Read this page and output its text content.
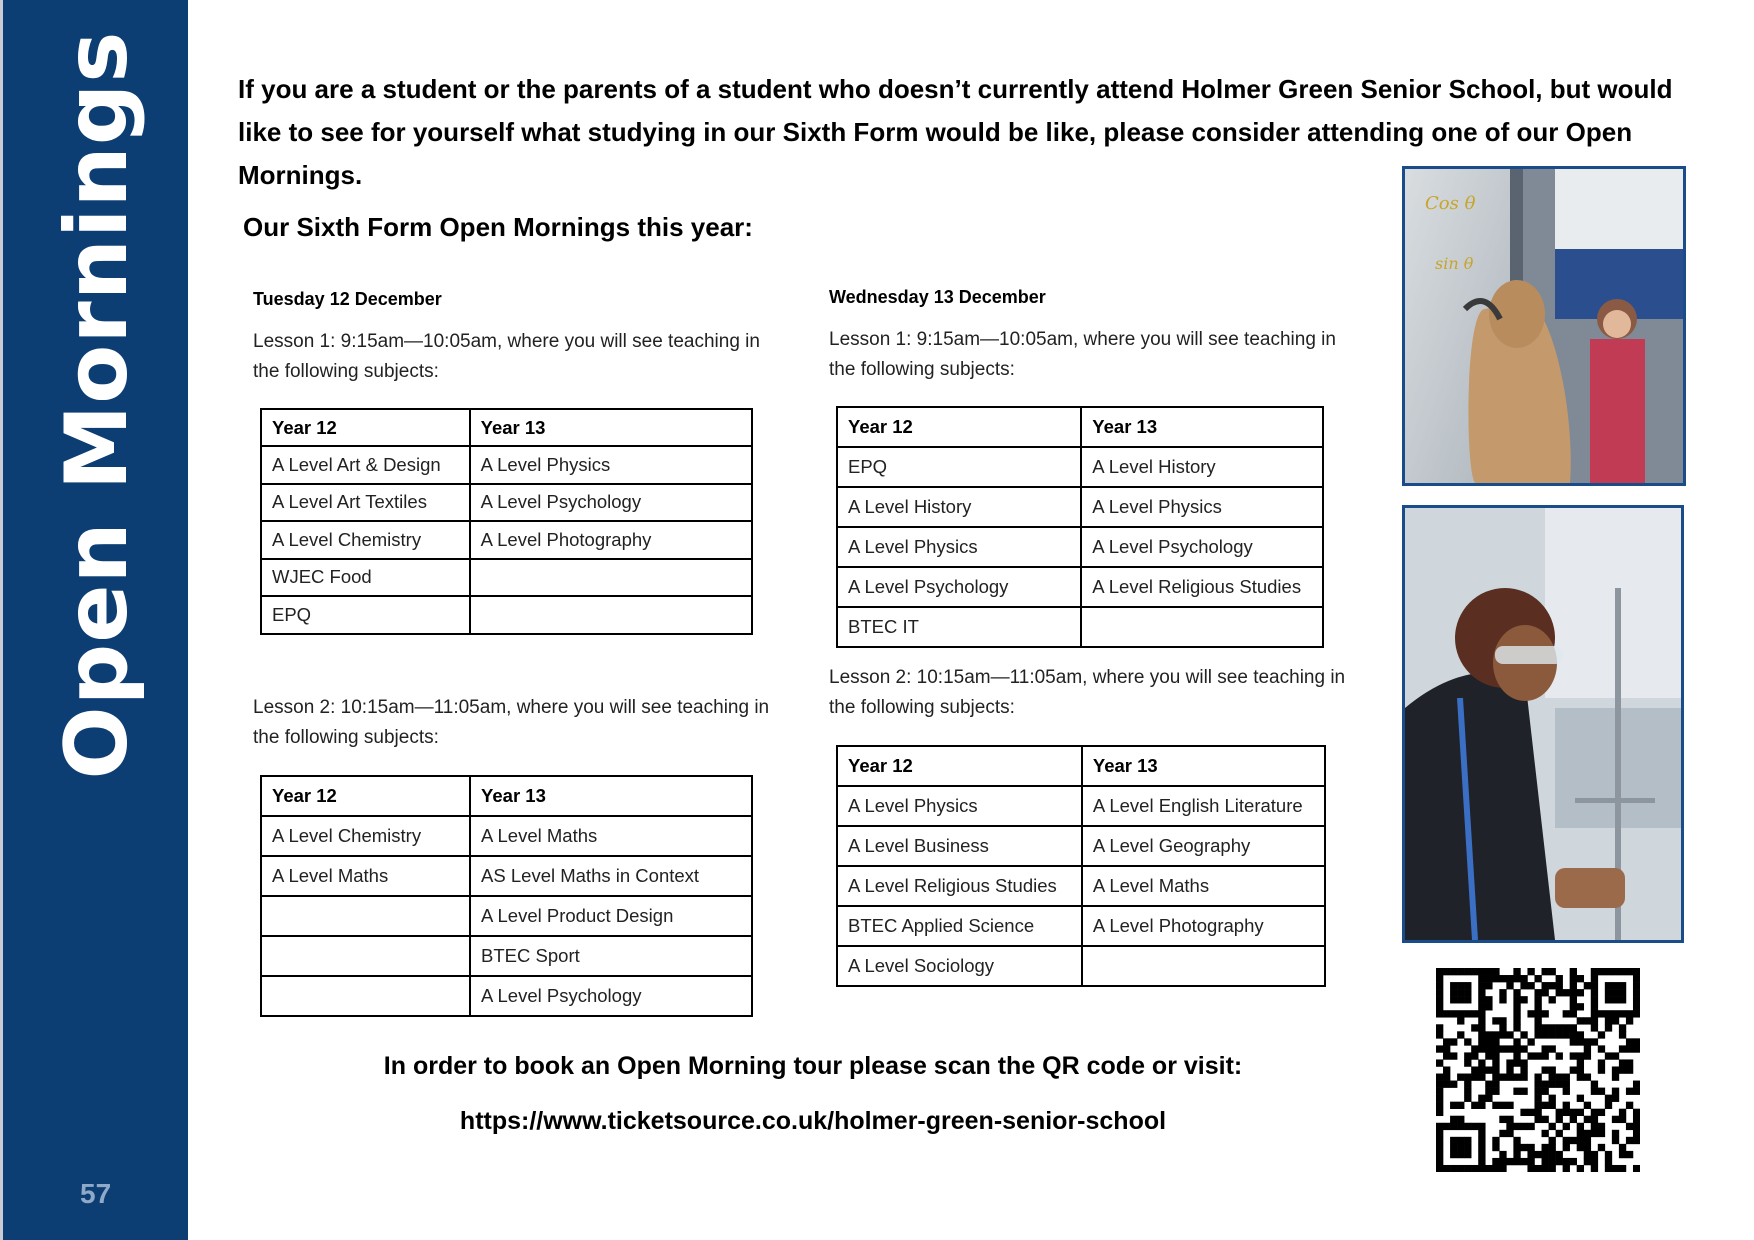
Open Mornings
57

If you are a student or the parents of a student who doesn’t currently attend Holmer Green Senior School, but would like to see for yourself what studying in our Sixth Form would be like, please consider attending one of our Open Mornings.

Our Sixth Form Open Mornings this year:

Tuesday 12 December
Lesson 1: 9:15am—10:05am, where you will see teaching in the following subjects:
Year 12	Year 13
A Level Art & Design	A Level Physics
A Level Art Textiles	A Level Psychology
A Level Chemistry	A Level Photography
WJEC Food	
EPQ	
Lesson 2: 10:15am—11:05am, where you will see teaching in the following subjects:
Year 12	Year 13
A Level Chemistry	A Level Maths
A Level Maths	AS Level Maths in Context
	A Level Product Design
	BTEC Sport
	A Level Psychology
Wednesday 13 December
Lesson 1: 9:15am—10:05am, where you will see teaching in the following subjects:
Year 12	Year 13
EPQ	A Level History
A Level History	A Level Physics
A Level Physics	A Level Psychology
A Level Psychology	A Level Religious Studies
BTEC IT	
Lesson 2: 10:15am—11:05am, where you will see teaching in the following subjects:
Year 12	Year 13
A Level Physics	A Level English Literature
A Level Business	A Level Geography
A Level Religious Studies	A Level Maths
BTEC Applied Science	A Level Photography
A Level Sociology	
Cos θ
sin θ
In order to book an Open Morning tour please scan the QR code or visit:
https://www.ticketsource.co.uk/holmer-green-senior-school
